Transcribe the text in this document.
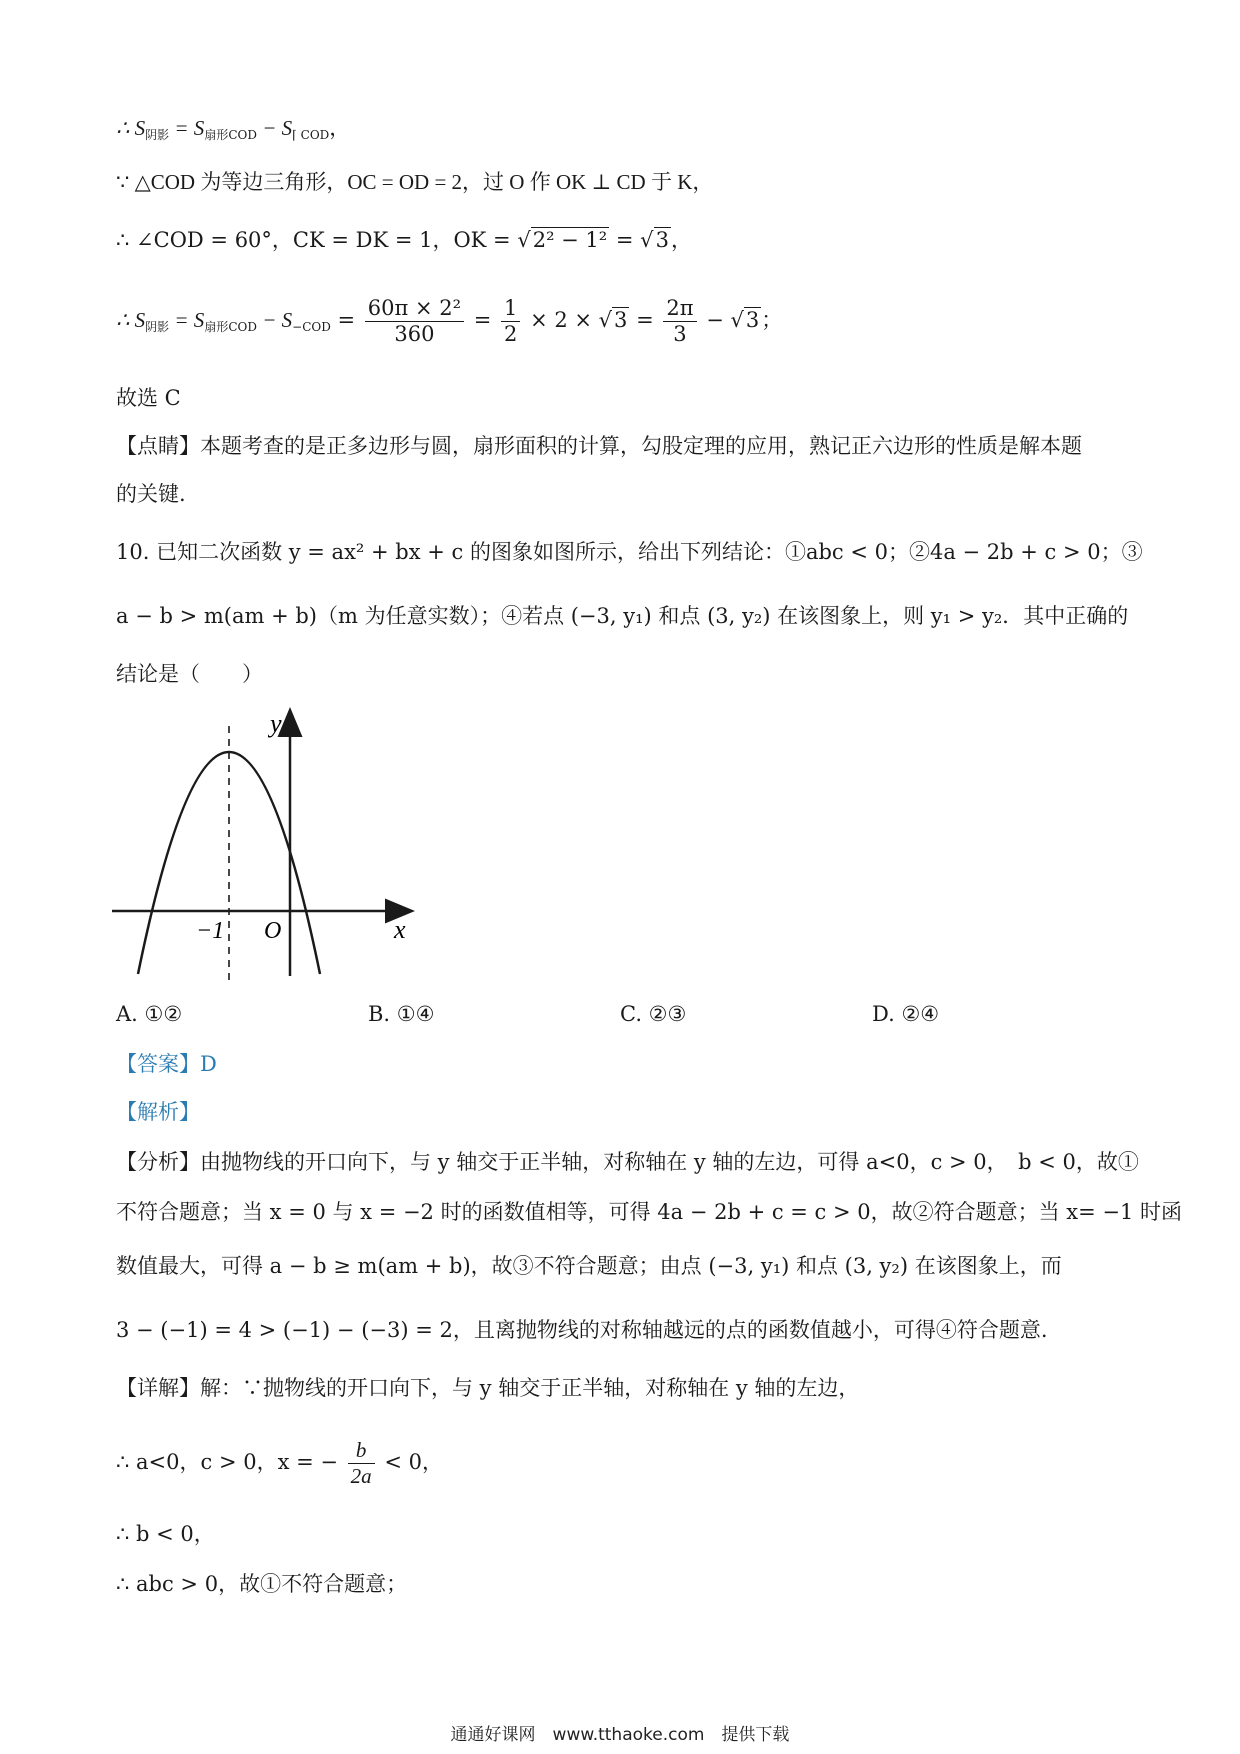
∴ $S_{阴影} = S_{扇形COD} - S_{⌈ COD}$，
∵ △COD 为等边三角形，OC = OD = 2，过 O 作 OK ⊥ CD 于 K，
∴ ∠COD = 60°，CK = DK = 1，OK = √2² − 1² = √3，
∴ $S_{阴影} = S_{扇形COD} - S_{-COD} = \frac{\text{60π × 2²}}{360} = \frac{1}{2} \times 2 \times √3 = \frac{2\pi}{3} - √3$；
故选 C
【点睛】本题考查的是正多边形与圆，扇形面积的计算，勾股定理的应用，熟记正六边形的性质是解本题
的关键.
10. 已知二次函数 y = ax² + bx + c 的图象如图所示，给出下列结论：①abc < 0；②4a − 2b + c > 0；③
a − b > m(am + b)（m 为任意实数）；④若点 (−3, y₁) 和点 (3, y₂) 在该图象上，则 y₁ > y₂．其中正确的
结论是（　　）
y
x
O
−1
A. ①②	B. ①④	C. ②③	D. ②④
【答案】D
【解析】
【分析】由抛物线的开口向下，与 y 轴交于正半轴，对称轴在 y 轴的左边，可得 a<0，c > 0，　b < 0，故①
不符合题意；当 x = 0 与 x = −2 时的函数值相等，可得 4a − 2b + c = c > 0，故②符合题意；当 x= −1 时函
数值最大，可得 a − b ≥ m(am + b)，故③不符合题意；由点 (−3, y₁) 和点 (3, y₂) 在该图象上，而
3 − (−1) = 4 > (−1) − (−3) = 2，且离抛物线的对称轴越远的点的函数值越小，可得④符合题意.
【详解】解：∵抛物线的开口向下，与 y 轴交于正半轴，对称轴在 y 轴的左边，
∴ a<0，c > 0，x = − $\frac{b}{2a} < 0$，
∴ b < 0，
∴ abc > 0，故①不符合题意；
通通好课网　www.tthaoke.com　提供下载
